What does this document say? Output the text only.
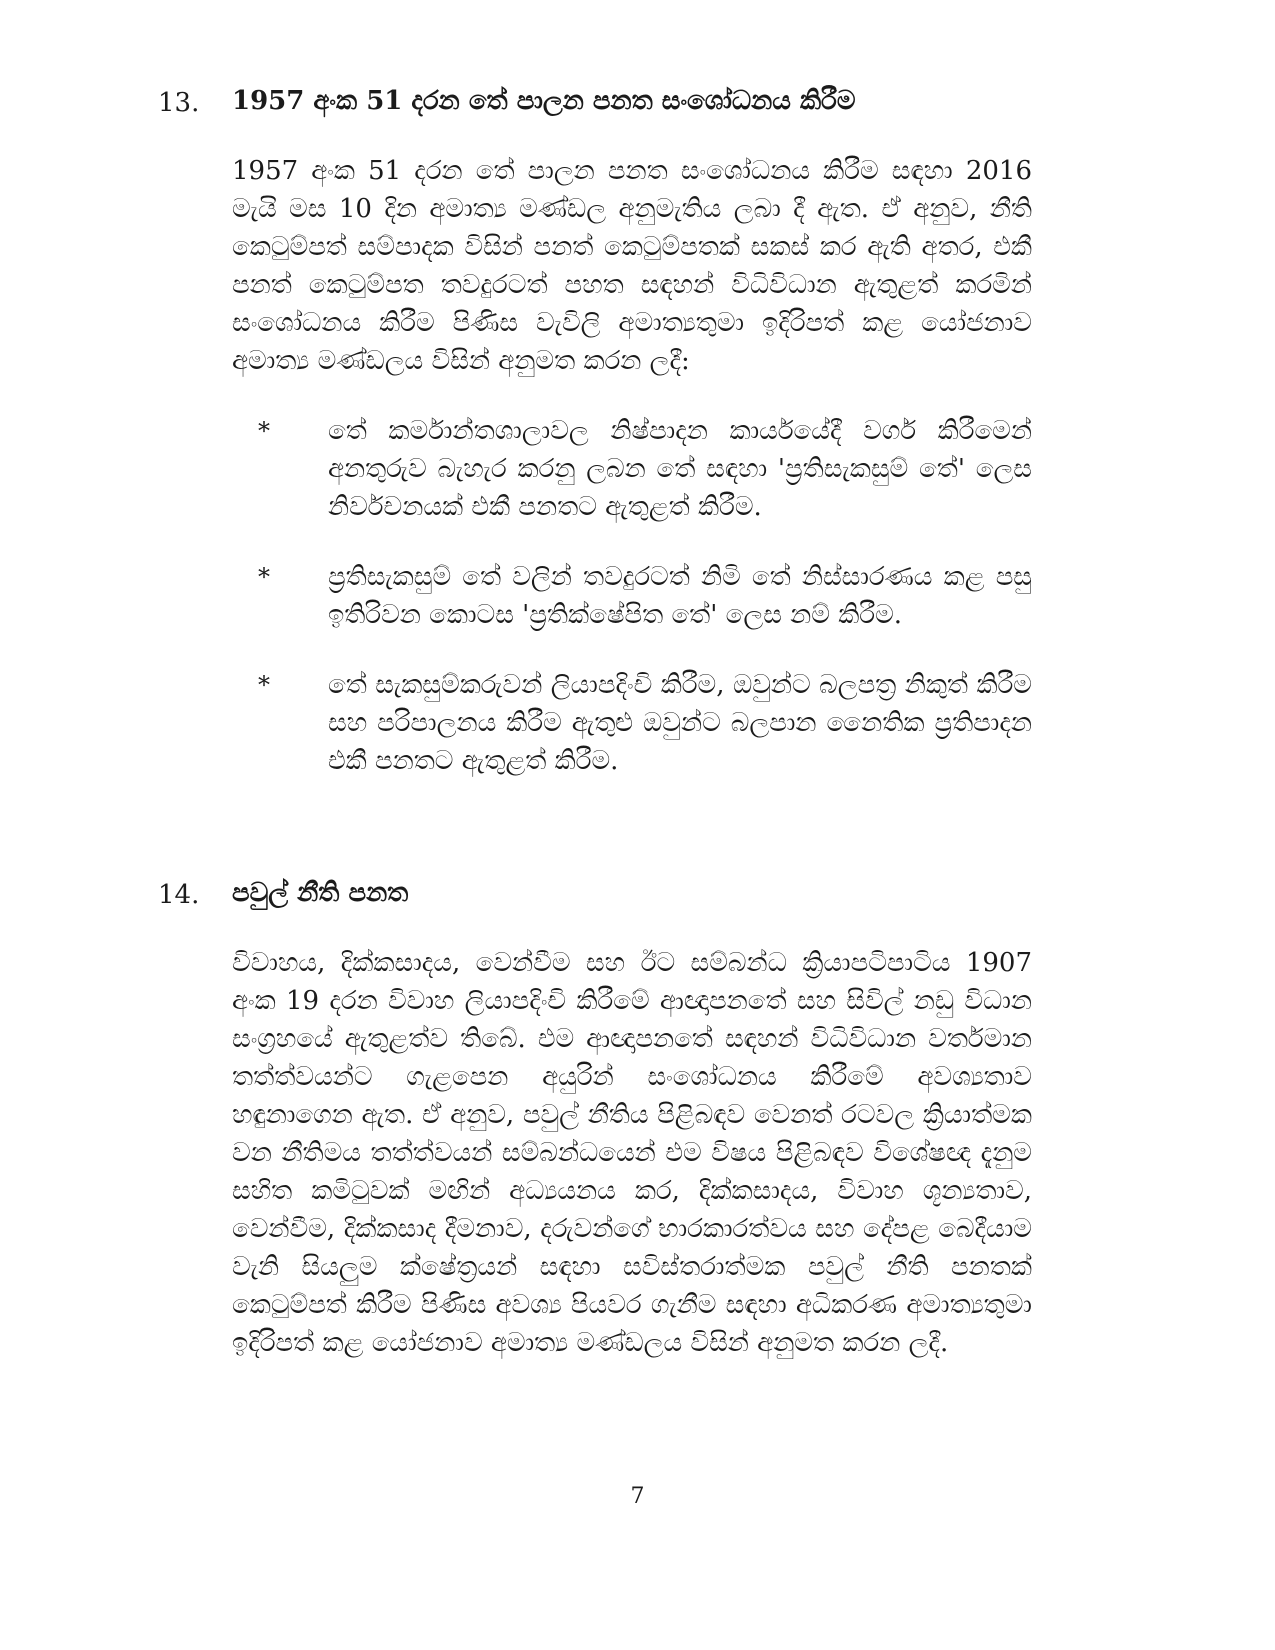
13. 1957 අංක 51 දරන තේ පාලන පනත සංශෝධනය කිරීම

1957 අංක 51 දරන තේ පාලන පනත සංශෝධනය කිරීම සඳහා 2016 මැයි මස 10 දින අමාත්‍ය මණ්ඩල අනුමැතිය ලබා දී ඇත. ඒ අනුව, නීති කෙටුම්පත් සම්පාදක විසින් පනත් කෙටුම්පතක් සකස් කර ඇති අතර, එකී පනත් කෙටුම්පත තවදුරටත් පහත සඳහන් විධිවිධාන ඇතුළත් කරමින් සංශෝධනය කිරීම පිණිස වැවිලි අමාත්‍යතුමා ඉදිරිපත් කළ යෝජනාව අමාත්‍ය මණ්ඩලය විසින් අනුමත කරන ලදී:

* තේ කර්මාන්තශාලාවල නිෂ්පාදන කාර්යයේදී වර්ග කිරීමෙන් අනතුරුව බැහැර කරනු ලබන තේ සඳහා 'ප්‍රතිසැකසුම් තේ' ලෙස නිර්වචනයක් එකී පනතට ඇතුළත් කිරීම.
* ප්‍රතිසැකසුම් තේ වලින් තවදුරටත් නිමි තේ නිස්සාරණය කළ පසු ඉතිරිවන කොටස 'ප්‍රතික්ෂේපිත තේ' ලෙස නම් කිරීම.
* තේ සැකසුම්කරුවන් ලියාපදිංචි කිරීම, ඔවුන්ට බලපත්‍ර නිකුත් කිරීම සහ පරිපාලනය කිරීම ඇතුළු ඔවුන්ට බලපාන නෛතික ප්‍රතිපාදන එකී පනතට ඇතුළත් කිරීම.
14. පවුල් නීති පනත

විවාහය, දික්කසාදය, වෙන්වීම සහ ඊට සම්බන්ධ ක්‍රියාපටිපාටිය 1907 අංක 19 දරන විවාහ ලියාපදිංචි කිරීමේ ආඥාපනතේ සහ සිවිල් නඩු විධාන සංග්‍රහයේ ඇතුළත්ව තිබේ. එම ආඥාපනතේ සඳහන් විධිවිධාන වර්තමාන තත්ත්වයන්ට ගැළපෙන අයුරින් සංශෝධනය කිරීමේ අවශ්‍යතාව හඳුනාගෙන ඇත. ඒ අනුව, පවුල් නීතිය පිළිබඳව වෙනත් රටවල ක්‍රියාත්මක වන නීතිමය තත්ත්වයන් සම්බන්ධයෙන් එම විෂය පිළිබඳව විශේෂඥ දැනුම සහිත කමිටුවක් මඟින් අධ්‍යයනය කර, දික්කසාදය, විවාහ ශූන්‍යතාව, වෙන්වීම, දික්කසාද දීමනාව, දරුවන්ගේ භාරකාරත්වය සහ දේපළ බෙදීයාම වැනි සියලුම ක්ෂේත්‍රයන් සඳහා සවිස්තරාත්මක පවුල් නීති පනතක් කෙටුම්පත් කිරීම පිණිස අවශ්‍ය පියවර ගැනීම සඳහා අධිකරණ අමාත්‍යතුමා ඉදිරිපත් කළ යෝජනාව අමාත්‍ය මණ්ඩලය විසින් අනුමත කරන ලදී.

7
